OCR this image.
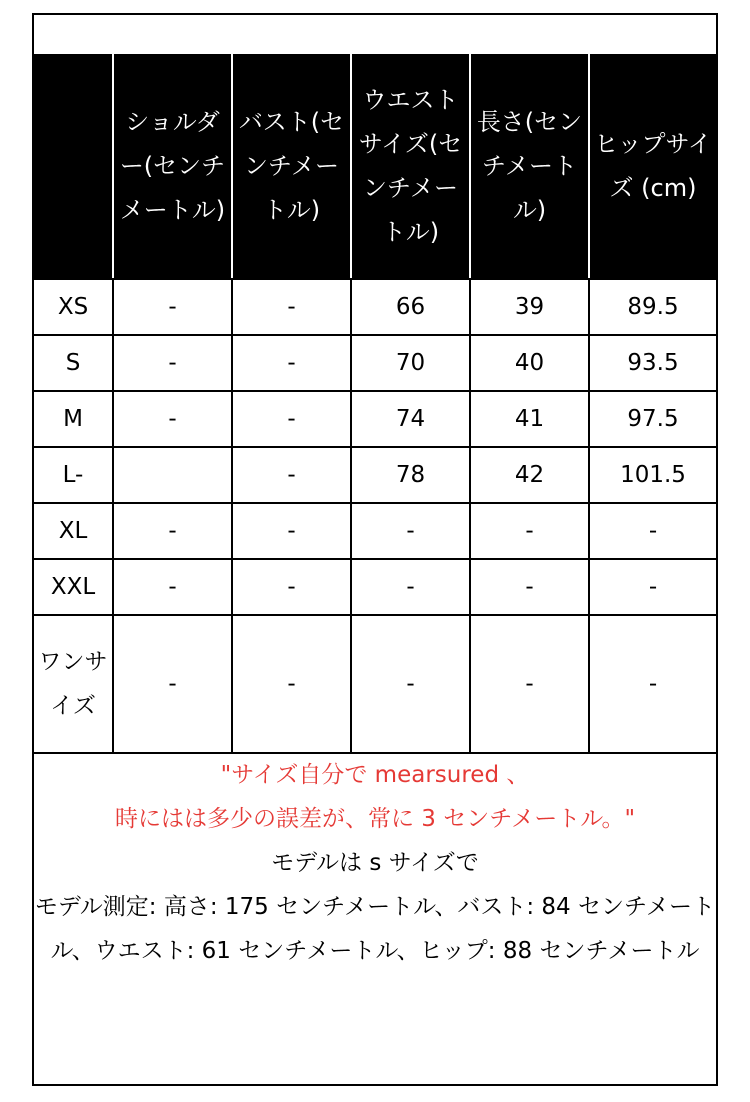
	ショルダー(センチメートル)	バスト(センチメートル)	ウエストサイズ(センチメートル)	長さ(センチメートル)	ヒップサイズ (cm)

XS	-	-	66	39	89.5
S	-	-	70	40	93.5
M	-	-	74	41	97.5
L-		-	78	42	101.5
XL	-	-	-	-	-
XXL	-	-	-	-	-

ワンサイズ	-	-	-	-	-
"サイズ自分で mearsured 、
時にはは多少の誤差が、常に 3 センチメートル。"
モデルは s サイズで
モデル測定: 高さ: 175 センチメートル、バスト: 84 センチメートル、ウエスト: 61 センチメートル、ヒップ: 88 センチメートル
